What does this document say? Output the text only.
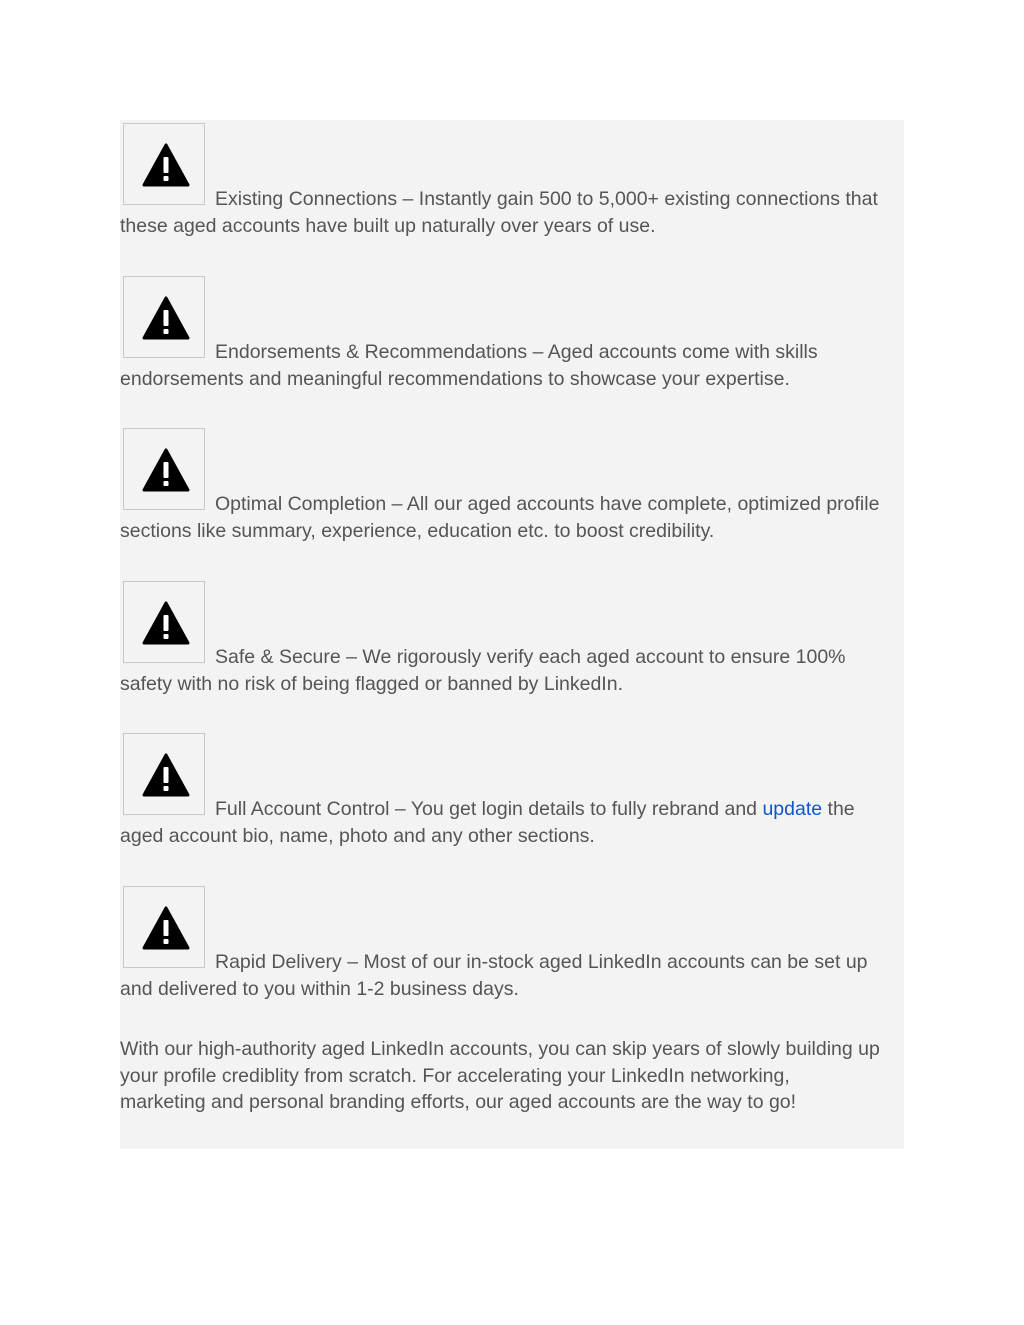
Existing Connections – Instantly gain 500 to 5,000+ existing connections that
these aged accounts have built up naturally over years of use.

Endorsements & Recommendations – Aged accounts come with skills
endorsements and meaningful recommendations to showcase your expertise.

Optimal Completion – All our aged accounts have complete, optimized profile
sections like summary, experience, education etc. to boost credibility.

Safe & Secure – We rigorously verify each aged account to ensure 100%
safety with no risk of being flagged or banned by LinkedIn.

Full Account Control – You get login details to fully rebrand and update the
aged account bio, name, photo and any other sections.

Rapid Delivery – Most of our in-stock aged LinkedIn accounts can be set up
and delivered to you within 1-2 business days.

With our high-authority aged LinkedIn accounts, you can skip years of slowly building up
your profile crediblity from scratch. For accelerating your LinkedIn networking,
marketing and personal branding efforts, our aged accounts are the way to go!
